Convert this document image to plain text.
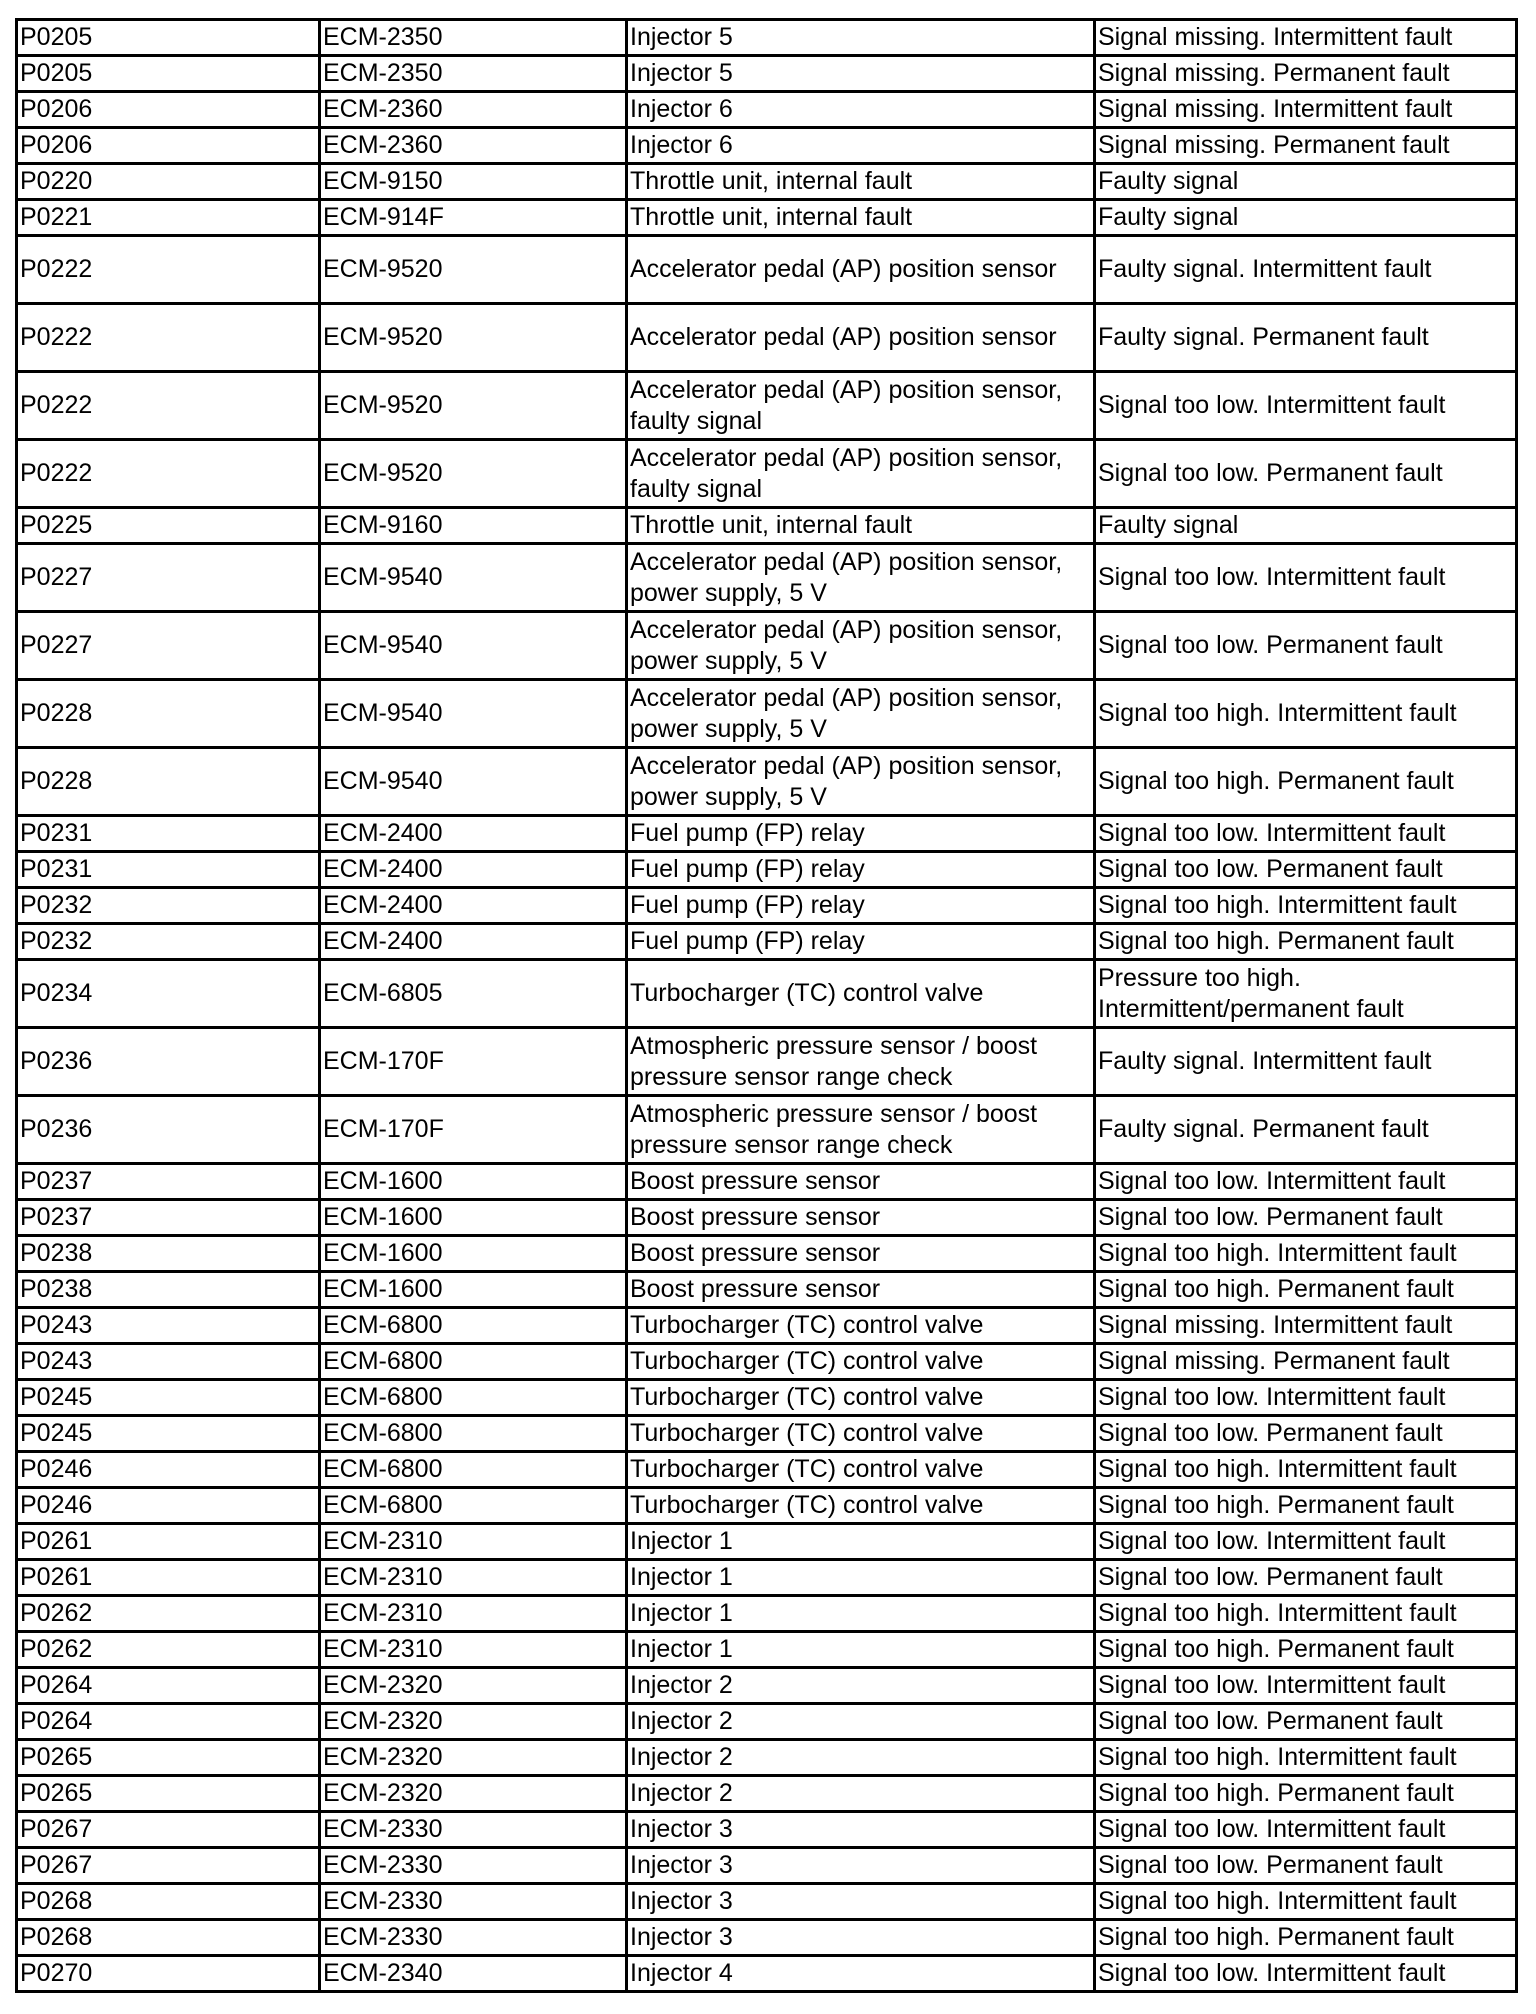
P0205	ECM-2350	Injector 5	Signal missing. Intermittent fault
P0205	ECM-2350	Injector 5	Signal missing. Permanent fault
P0206	ECM-2360	Injector 6	Signal missing. Intermittent fault
P0206	ECM-2360	Injector 6	Signal missing. Permanent fault
P0220	ECM-9150	Throttle unit, internal fault	Faulty signal
P0221	ECM-914F	Throttle unit, internal fault	Faulty signal
P0222	ECM-9520	Accelerator pedal (AP) position sensor	Faulty signal. Intermittent fault
P0222	ECM-9520	Accelerator pedal (AP) position sensor	Faulty signal. Permanent fault
P0222	ECM-9520	Accelerator pedal (AP) position sensor, faulty signal	Signal too low. Intermittent fault
P0222	ECM-9520	Accelerator pedal (AP) position sensor, faulty signal	Signal too low. Permanent fault
P0225	ECM-9160	Throttle unit, internal fault	Faulty signal
P0227	ECM-9540	Accelerator pedal (AP) position sensor, power supply, 5 V	Signal too low. Intermittent fault
P0227	ECM-9540	Accelerator pedal (AP) position sensor, power supply, 5 V	Signal too low. Permanent fault
P0228	ECM-9540	Accelerator pedal (AP) position sensor, power supply, 5 V	Signal too high. Intermittent fault
P0228	ECM-9540	Accelerator pedal (AP) position sensor, power supply, 5 V	Signal too high. Permanent fault
P0231	ECM-2400	Fuel pump (FP) relay	Signal too low. Intermittent fault
P0231	ECM-2400	Fuel pump (FP) relay	Signal too low. Permanent fault
P0232	ECM-2400	Fuel pump (FP) relay	Signal too high. Intermittent fault
P0232	ECM-2400	Fuel pump (FP) relay	Signal too high. Permanent fault
P0234	ECM-6805	Turbocharger (TC) control valve	Pressure too high. Intermittent/permanent fault
P0236	ECM-170F	Atmospheric pressure sensor / boost pressure sensor range check	Faulty signal. Intermittent fault
P0236	ECM-170F	Atmospheric pressure sensor / boost pressure sensor range check	Faulty signal. Permanent fault
P0237	ECM-1600	Boost pressure sensor	Signal too low. Intermittent fault
P0237	ECM-1600	Boost pressure sensor	Signal too low. Permanent fault
P0238	ECM-1600	Boost pressure sensor	Signal too high. Intermittent fault
P0238	ECM-1600	Boost pressure sensor	Signal too high. Permanent fault
P0243	ECM-6800	Turbocharger (TC) control valve	Signal missing. Intermittent fault
P0243	ECM-6800	Turbocharger (TC) control valve	Signal missing. Permanent fault
P0245	ECM-6800	Turbocharger (TC) control valve	Signal too low. Intermittent fault
P0245	ECM-6800	Turbocharger (TC) control valve	Signal too low. Permanent fault
P0246	ECM-6800	Turbocharger (TC) control valve	Signal too high. Intermittent fault
P0246	ECM-6800	Turbocharger (TC) control valve	Signal too high. Permanent fault
P0261	ECM-2310	Injector 1	Signal too low. Intermittent fault
P0261	ECM-2310	Injector 1	Signal too low. Permanent fault
P0262	ECM-2310	Injector 1	Signal too high. Intermittent fault
P0262	ECM-2310	Injector 1	Signal too high. Permanent fault
P0264	ECM-2320	Injector 2	Signal too low. Intermittent fault
P0264	ECM-2320	Injector 2	Signal too low. Permanent fault
P0265	ECM-2320	Injector 2	Signal too high. Intermittent fault
P0265	ECM-2320	Injector 2	Signal too high. Permanent fault
P0267	ECM-2330	Injector 3	Signal too low. Intermittent fault
P0267	ECM-2330	Injector 3	Signal too low. Permanent fault
P0268	ECM-2330	Injector 3	Signal too high. Intermittent fault
P0268	ECM-2330	Injector 3	Signal too high. Permanent fault
P0270	ECM-2340	Injector 4	Signal too low. Intermittent fault
